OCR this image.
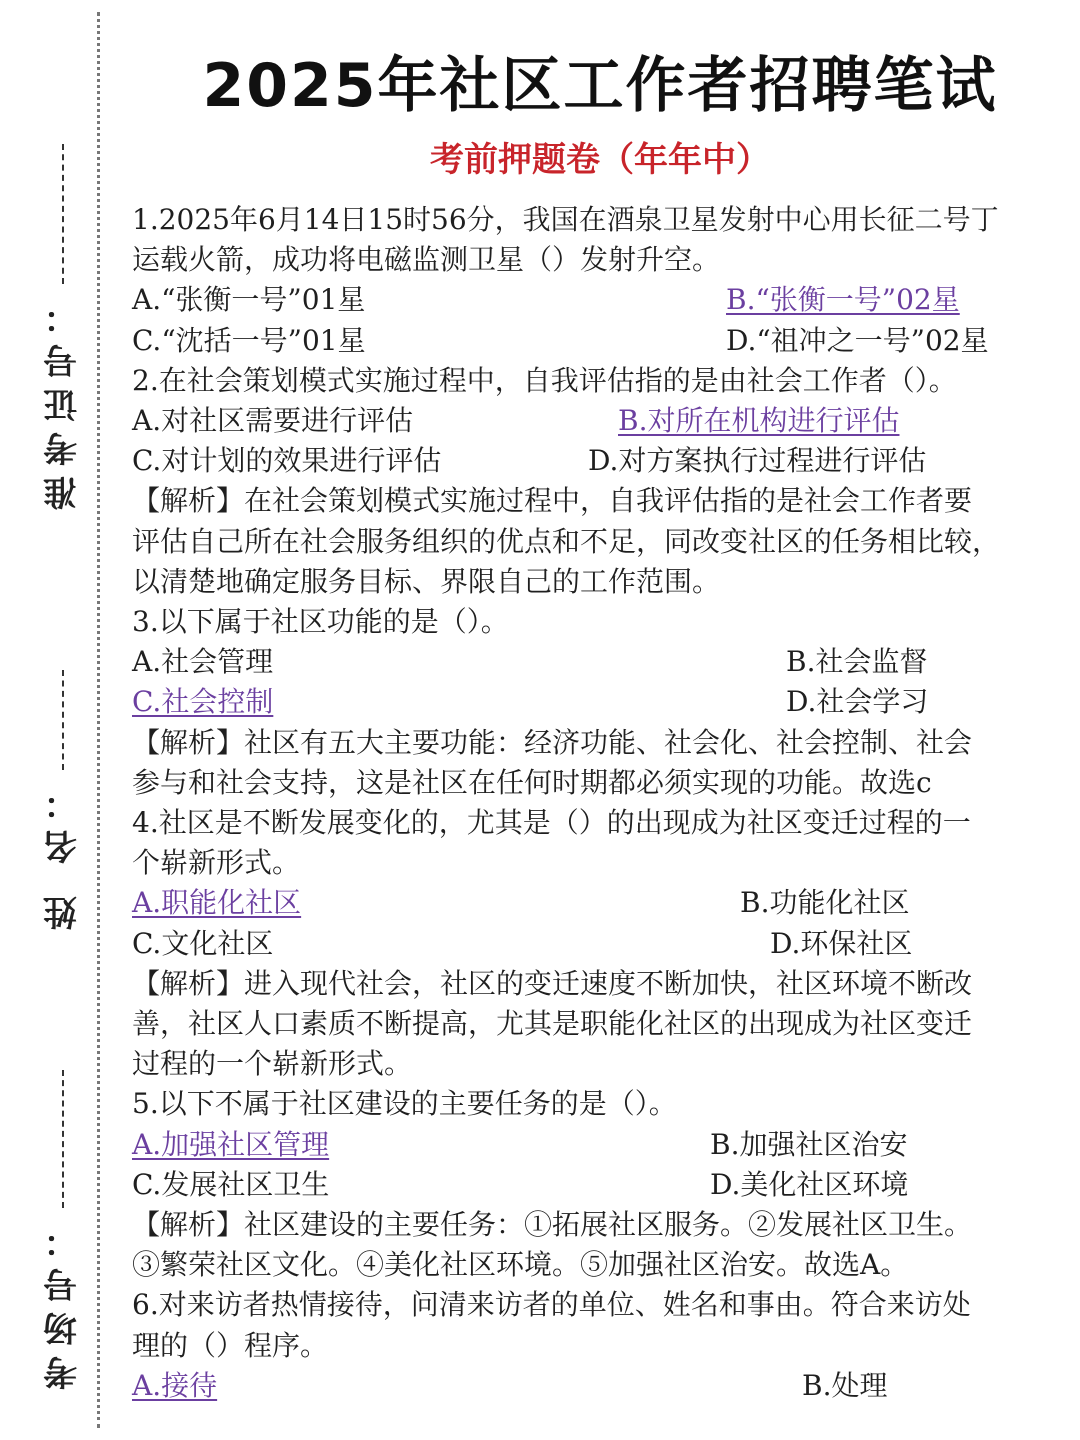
准考证号：
姓 名：
考场号：
2025年社区工作者招聘笔试
考前押题卷（年年中）
1.2025年6月14日15时56分，我国在酒泉卫星发射中心用长征二号丁
运载火箭，成功将电磁监测卫星（）发射升空。
A.“张衡一号”01星	B.“张衡一号”02星
C.“沈括一号”01星	D.“祖冲之一号”02星
2.在社会策划模式实施过程中，自我评估指的是由社会工作者（）。
A.对社区需要进行评估	B.对所在机构进行评估
C.对计划的效果进行评估	D.对方案执行过程进行评估
【解析】在社会策划模式实施过程中，自我评估指的是社会工作者要
评估自己所在社会服务组织的优点和不足，同改变社区的任务相比较，
以清楚地确定服务目标、界限自己的工作范围。
3.以下属于社区功能的是（）。
A.社会管理	B.社会监督
C.社会控制	D.社会学习
【解析】社区有五大主要功能：经济功能、社会化、社会控制、社会
参与和社会支持，这是社区在任何时期都必须实现的功能。故选c
4.社区是不断发展变化的，尤其是（）的出现成为社区变迁过程的一
个崭新形式。
A.职能化社区	B.功能化社区
C.文化社区	D.环保社区
【解析】进入现代社会，社区的变迁速度不断加快，社区环境不断改
善，社区人口素质不断提高，尤其是职能化社区的出现成为社区变迁
过程的一个崭新形式。
5.以下不属于社区建设的主要任务的是（）。
A.加强社区管理	B.加强社区治安
C.发展社区卫生	D.美化社区环境
【解析】社区建设的主要任务：①拓展社区服务。②发展社区卫生。
③繁荣社区文化。④美化社区环境。⑤加强社区治安。故选A。
6.对来访者热情接待，问清来访者的单位、姓名和事由。符合来访处
理的（）程序。
A.接待	B.处理
